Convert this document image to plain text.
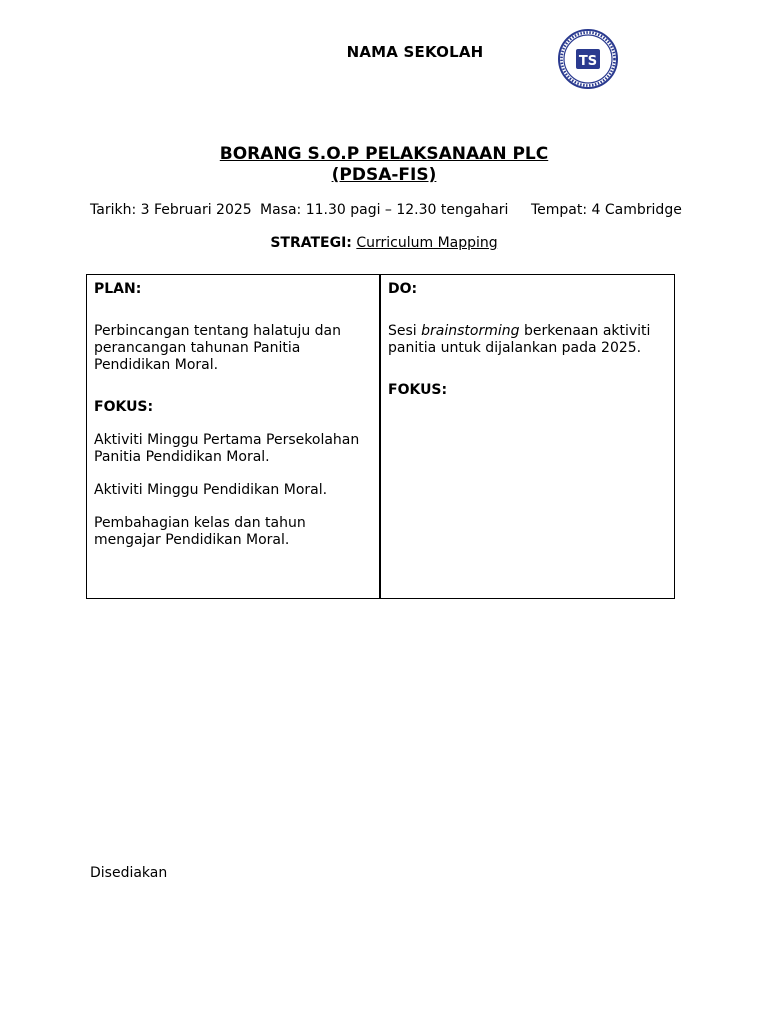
NAMA SEKOLAH
TS
BORANG S.O.P PELAKSANAAN PLC
(PDSA-FIS)
Tarikh: 3 Februari 2025 Masa: 11.30 pagi – 12.30 tengahari Tempat: 4 Cambridge
STRATEGI: Curriculum Mapping

PLAN:

Perbincangan tentang halatuju dan perancangan tahunan Panitia Pendidikan Moral.

FOKUS:

Aktiviti Minggu Pertama Persekolahan Panitia Pendidikan Moral.

Aktiviti Minggu Pendidikan Moral.

Pembahagian kelas dan tahun mengajar Pendidikan Moral.

DO:

Sesi brainstorming berkenaan aktiviti panitia untuk dijalankan pada 2025.

FOKUS:

Disediakan
